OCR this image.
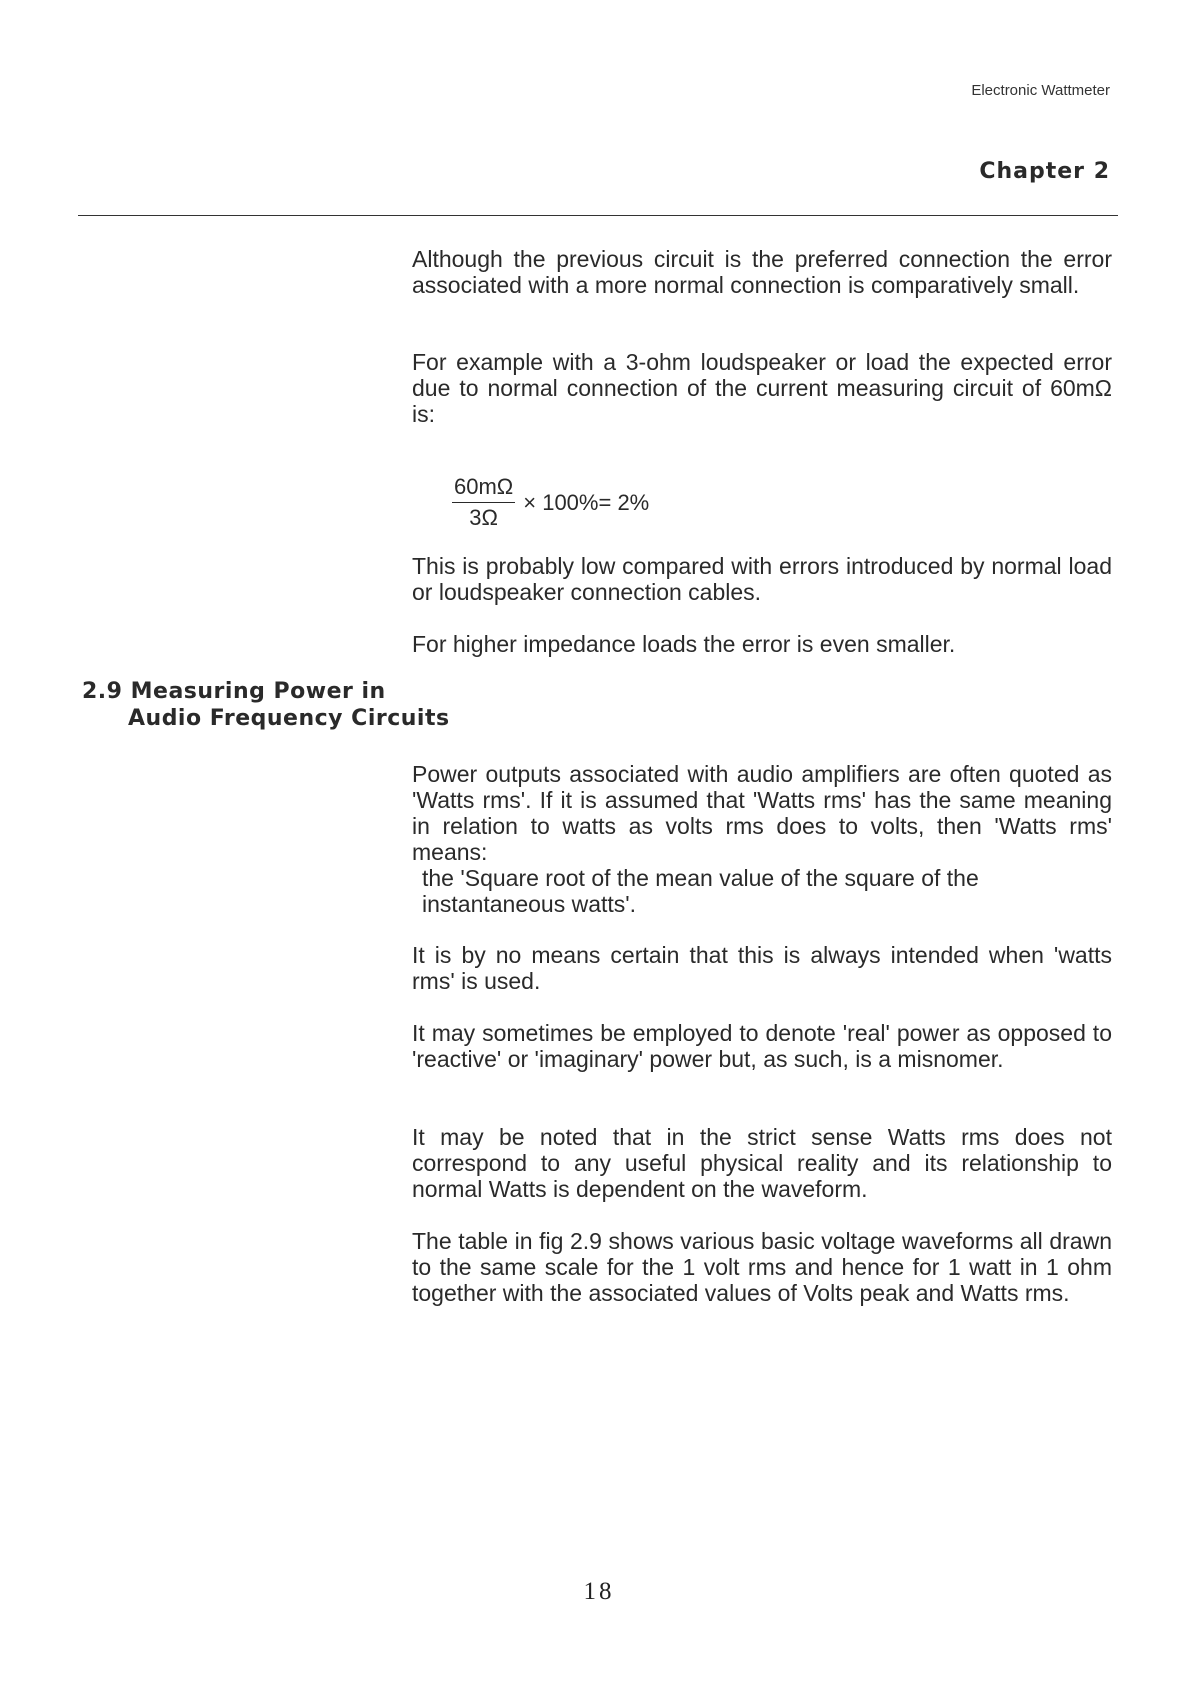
Electronic Wattmeter
Chapter 2

Although the previous circuit is the preferred connection the error associated with a more normal connection is comparatively small.

For example with a 3-ohm loudspeaker or load the expected error due to normal connection of the current measuring circuit of 60mΩ is:

$\frac{60m\Omega}{3\Omega} \times 100\%= 2\%$

This is probably low compared with errors introduced by normal load or loudspeaker connection cables.

For higher impedance loads the error is even smaller.

2.9 Measuring Power in
Audio Frequency Circuits

Power outputs associated with audio amplifiers are often quoted as 'Watts rms'. If it is assumed that 'Watts rms' has the same meaning in relation to watts as volts rms does to volts, then 'Watts rms' means:
the 'Square root of the mean value of the square of the instantaneous watts'.

It is by no means certain that this is always intended when 'watts rms' is used.

It may sometimes be employed to denote 'real' power as opposed to 'reactive' or 'imaginary' power but, as such, is a misnomer.

It may be noted that in the strict sense Watts rms does not correspond to any useful physical reality and its relationship to normal Watts is dependent on the waveform.

The table in fig 2.9 shows various basic voltage waveforms all drawn to the same scale for the 1 volt rms and hence for 1 watt in 1 ohm together with the associated values of Volts peak and Watts rms.

18
